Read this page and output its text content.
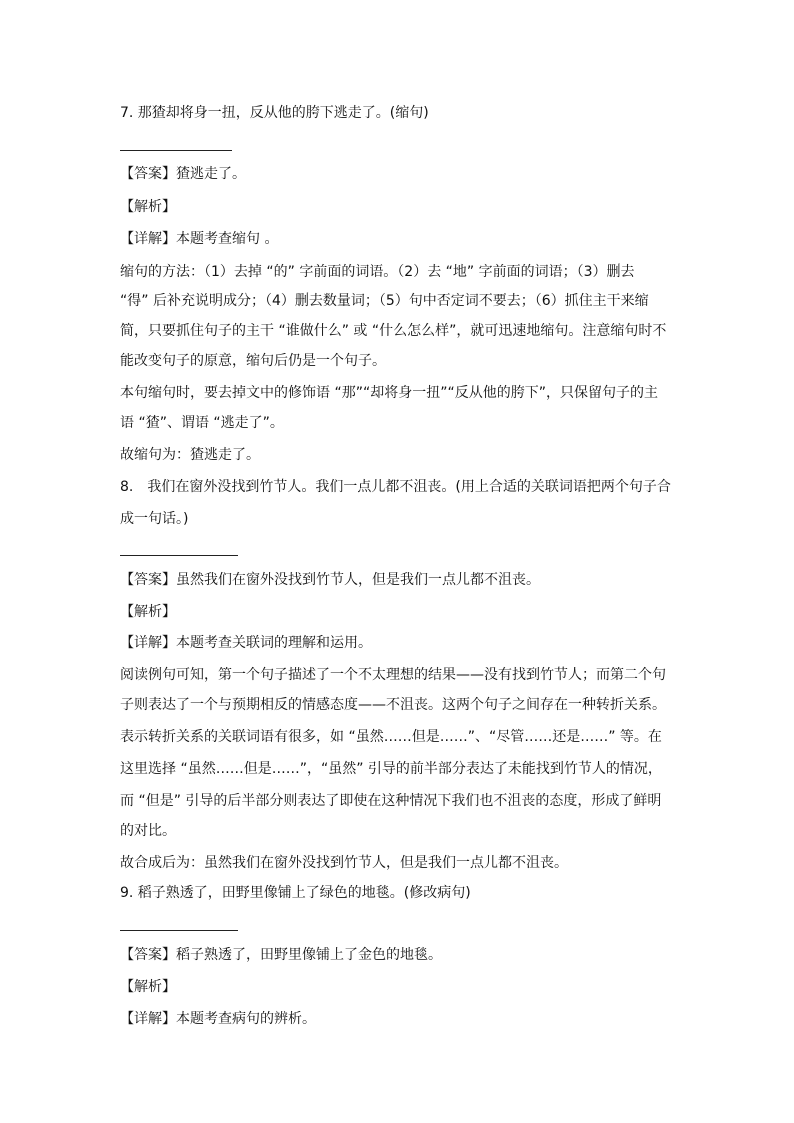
7. 那猹却将身一扭，反从他的胯下逃走了。(缩句)
【答案】猹逃走了。
【解析】
【详解】本题考查缩句 。
缩句的方法：（1）去掉 “的” 字前面的词语。（2）去 “地” 字前面的词语；（3）删去
“得” 后补充说明成分；（4）删去数量词；（5）句中否定词不要去；（6）抓住主干来缩
简，只要抓住句子的主干 “谁做什么” 或 “什么怎么样”，就可迅速地缩句。注意缩句时不
能改变句子的原意，缩句后仍是一个句子。
本句缩句时，要去掉文中的修饰语 “那”“却将身一扭”“反从他的胯下”，只保留句子的主
语 “猹”、谓语 “逃走了”。
故缩句为：猹逃走了。
8.　我们在窗外没找到竹节人。我们一点儿都不沮丧。(用上合适的关联词语把两个句子合
成一句话。)
【答案】虽然我们在窗外没找到竹节人，但是我们一点儿都不沮丧。
【解析】
【详解】本题考查关联词的理解和运用。
阅读例句可知，第一个句子描述了一个不太理想的结果——没有找到竹节人；而第二个句
子则表达了一个与预期相反的情感态度——不沮丧。这两个句子之间存在一种转折关系。
表示转折关系的关联词语有很多，如 “虽然……但是……”、“尽管……还是……” 等。在
这里选择 “虽然……但是……”，“虽然” 引导的前半部分表达了未能找到竹节人的情况，
而 “但是” 引导的后半部分则表达了即使在这种情况下我们也不沮丧的态度，形成了鲜明
的对比。
故合成后为：虽然我们在窗外没找到竹节人，但是我们一点儿都不沮丧。
9. 稻子熟透了，田野里像铺上了绿色的地毯。(修改病句)
【答案】稻子熟透了，田野里像铺上了金色的地毯。
【解析】
【详解】本题考查病句的辨析。
